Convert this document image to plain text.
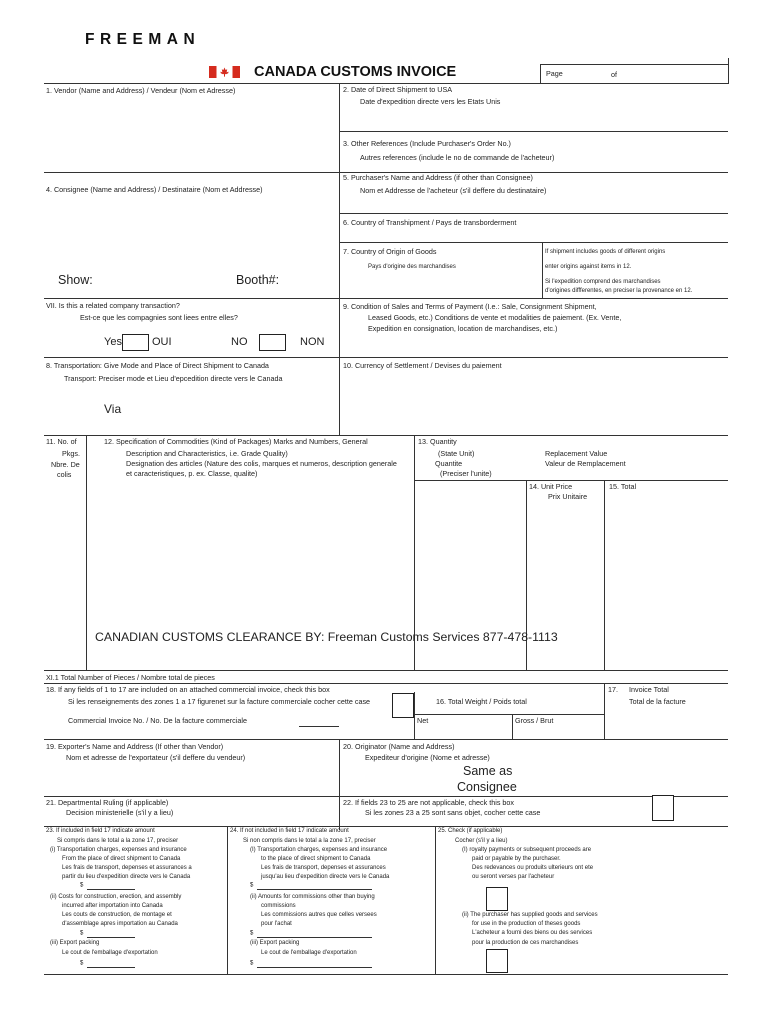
FREEMAN
CANADA CUSTOMS INVOICE	Page	of
1. Vendor (Name and Address) / Vendeur (Nom et Adresse)	2. Date of Direct Shipment to USA
Date d'expedition directe vers les Etats Unis
3. Other References (Include Purchaser's Order No.)
Autres references (include le no de commande de l'acheteur)
4. Consignee (Name and Address) / Destinataire (Nom et Addresse)
5. Purchaser's Name and Address (if other than Consignee)
Nom et Addresse de l'acheteur (s'il deffere du destinataire)
6. Country of Transhipment / Pays de transborderment
7. Country of Origin of Goods
Pays d'origine des marchandises
If shipment includes goods of different origins
enter origins against items in 12.
Si l'expedition comprend des marchandises
d'origines diffferentes, en preciser la provenance en 12.
Show:	Booth#:
VII. Is this a related company transaction?
Est-ce que les compagnies sont liees entre elles?
Yes	OUI	NO	NON
9. Condition of Sales and Terms of Payment (I.e.: Sale, Consignment Shipment,
Leased Goods, etc.) Conditions de vente et modalities de paiement. (Ex. Vente,
Expedition en consignation, location de marchandises, etc.)
8. Transportation: Give Mode and Place of Direct Shipment to Canada
Transport: Preciser mode et Lieu d'epcedition directe vers le Canada
10. Currency of Settlement / Devises du paiement
Via
11. No. of
Pkgs.
Nbre. De
colis
12. Specification of Commodities (Kind of Packages) Marks and Numbers, General
Description and Characteristics, i.e. Grade Quality)
Designation des articles (Nature des colis, marques et numeros, description generale
et caracteristiques, p. ex. Classe, qualite)
13. Quantity
(State Unit)
Quantite
(Preciser l'unite)
Replacement Value
Valeur de Remplacement
14. Unit Price
Prix Unitaire
15. Total
CANADIAN CUSTOMS CLEARANCE BY: Freeman Customs Services 877-478-1113
XI.1 Total Number of Pieces / Nombre total de pieces
18. If any fields of 1 to 17 are included on an attached commercial invoice, check this box
Si les renseignements des zones 1 a 17 figurenet sur la facture commerciale cocher cette case
Commercial Invoice No. / No. De la facture commerciale
16. Total Weight / Poids total
Net	Gross / Brut
17. Invoice Total
Total de la facture
19. Exporter's Name and Address (If other than Vendor)
Nom et adresse de l'exportateur (s'il deffere du vendeur)
20. Originator (Name and Address)
Expediteur d'origine (Nome et adresse)
Same as
Consignee
21. Departmental Ruling (if applicable)
Decision ministerielle (s'il y a lieu)
22. If fields 23 to 25 are not applicable, check this box
Si les zones 23 a 25 sont sans objet, cocher cette case
23. If included in field 17 indicate amount
Si compris dans le total a la zone 17, preciser
(i) Transportation charges, expenses and insurance
From the place of direct shipment to Canada
Les frais de transport, depenses et assurances a
partir du lieu d'expedition directe vers le Canada
$
(ii) Costs for construction, erection, and assembly
incurred after importation into Canada
Les couts de construction, de montage et
d'assemblage apres importation au Canada
$
(iii) Export packing
Le cout de l'emballage d'exportation
$
24. If not included in field 17 indicate amount
Si non compris dans le total a la zone 17, preciser
(I) Transportation charges, expenses and insurance
to the place of direct shipment to Canada
Les frais de transport, depenses et assurances
jusqu'au lieu d'expedition directe vers le Canada
$
(ii) Amounts for commissions other than buying
commissions
Les commissions autres que celles versees
pour l'achat
$
(iii) Export packing
Le cout de l'emballage d'exportation
$
25. Check (if applicable)
Cocher (s'il y a lieu)
(I) royalty payments or subsequent proceeds are
paid or payable by the purchaser.
Des redevances ou produits ulterieurs ont ete
ou seront verses par l'acheteur
(ii) The purchaser has supplied goods and services
for use in the production of theses goods
L'acheteur a fourni des biens ou des services
pour la production de ces marchandises
